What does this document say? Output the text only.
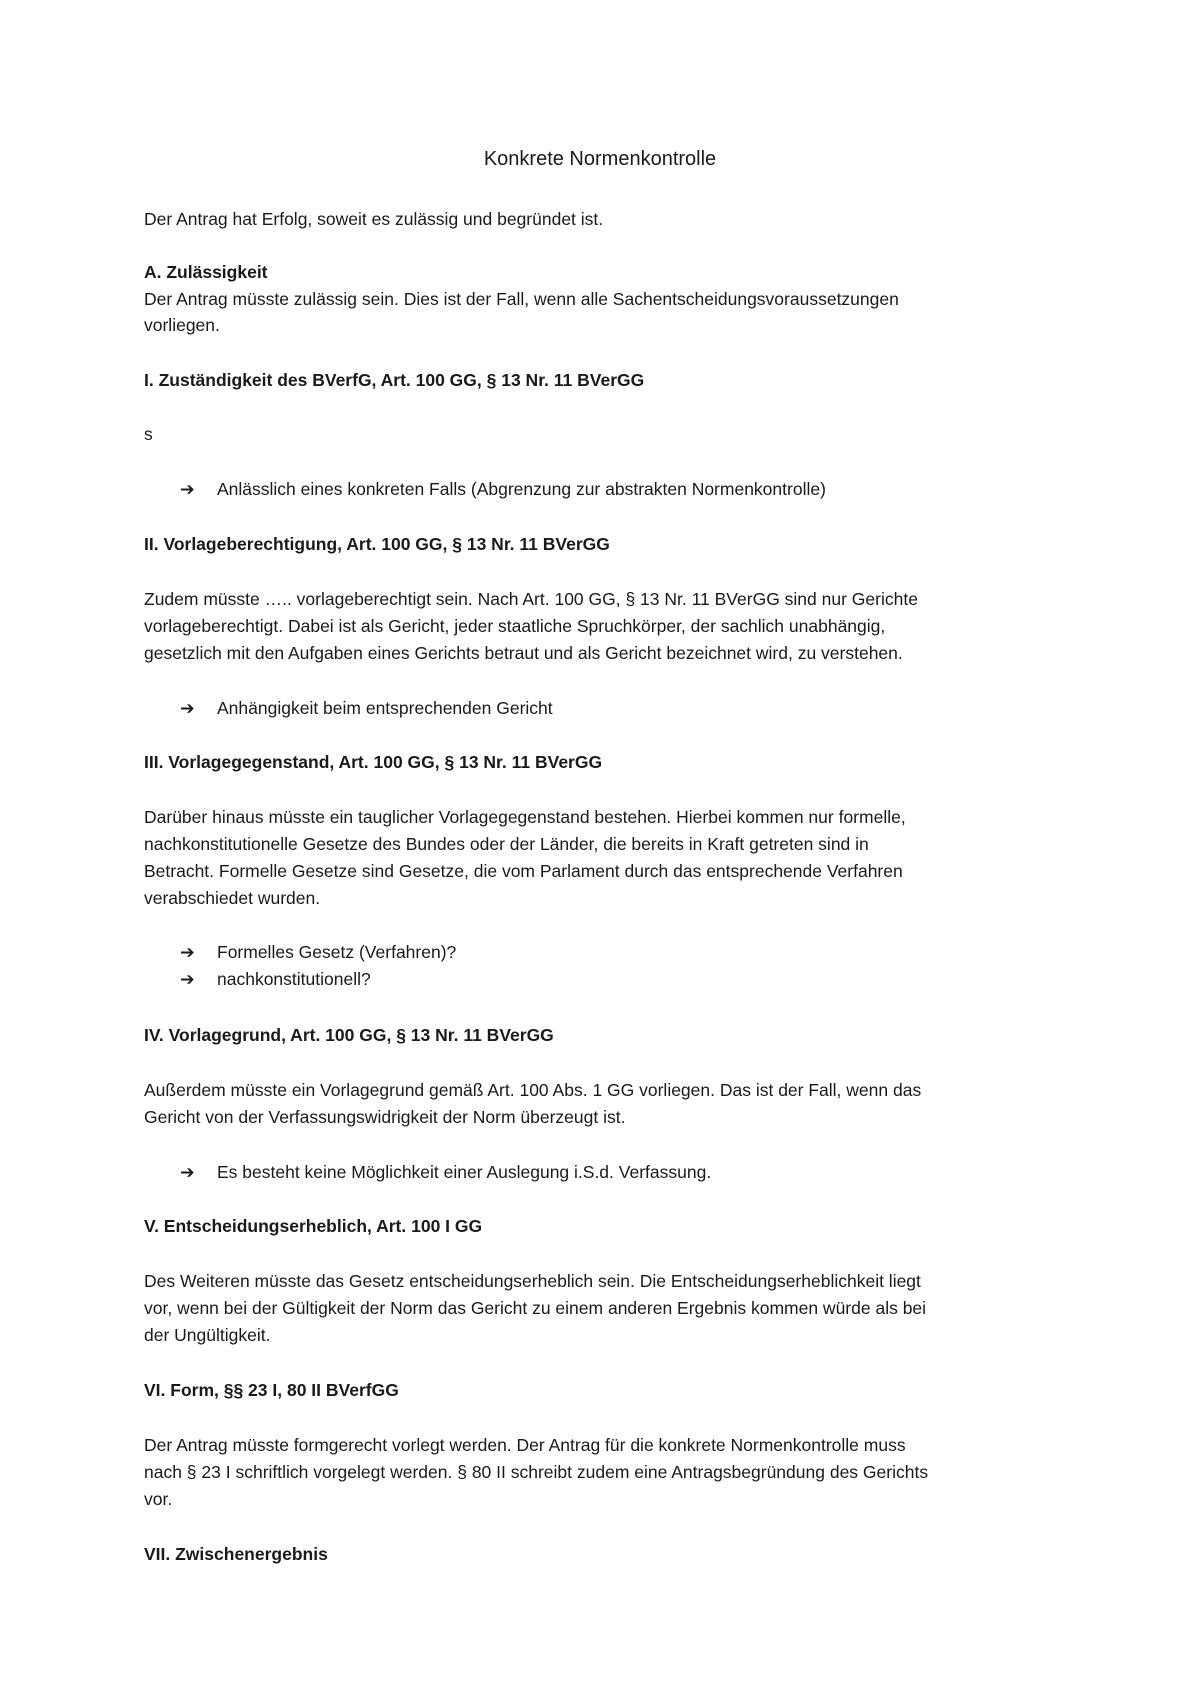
Konkrete Normenkontrolle
Der Antrag hat Erfolg, soweit es zulässig und begründet ist.
A. Zulässigkeit
Der Antrag müsste zulässig sein. Dies ist der Fall, wenn alle Sachentscheidungsvoraussetzungen
vorliegen.
I. Zuständigkeit des BVerfG, Art. 100 GG, § 13 Nr. 11 BVerGG
s
➔ Anlässlich eines konkreten Falls (Abgrenzung zur abstrakten Normenkontrolle)
II. Vorlageberechtigung, Art. 100 GG, § 13 Nr. 11 BVerGG
Zudem müsste ….. vorlageberechtigt sein. Nach Art. 100 GG, § 13 Nr. 11 BVerGG sind nur Gerichte
vorlageberechtigt. Dabei ist als Gericht, jeder staatliche Spruchkörper, der sachlich unabhängig,
gesetzlich mit den Aufgaben eines Gerichts betraut und als Gericht bezeichnet wird, zu verstehen.
➔ Anhängigkeit beim entsprechenden Gericht
III. Vorlagegegenstand, Art. 100 GG, § 13 Nr. 11 BVerGG
Darüber hinaus müsste ein tauglicher Vorlagegegenstand bestehen. Hierbei kommen nur formelle,
nachkonstitutionelle Gesetze des Bundes oder der Länder, die bereits in Kraft getreten sind in
Betracht. Formelle Gesetze sind Gesetze, die vom Parlament durch das entsprechende Verfahren
verabschiedet wurden.
➔ Formelles Gesetz (Verfahren)?
➔ nachkonstitutionell?
IV. Vorlagegrund, Art. 100 GG, § 13 Nr. 11 BVerGG
Außerdem müsste ein Vorlagegrund gemäß Art. 100 Abs. 1 GG vorliegen. Das ist der Fall, wenn das
Gericht von der Verfassungswidrigkeit der Norm überzeugt ist.
➔ Es besteht keine Möglichkeit einer Auslegung i.S.d. Verfassung.
V. Entscheidungserheblich, Art. 100 I GG
Des Weiteren müsste das Gesetz entscheidungserheblich sein. Die Entscheidungserheblichkeit liegt
vor, wenn bei der Gültigkeit der Norm das Gericht zu einem anderen Ergebnis kommen würde als bei
der Ungültigkeit.
VI. Form, §§ 23 I, 80 II BVerfGG
Der Antrag müsste formgerecht vorlegt werden. Der Antrag für die konkrete Normenkontrolle muss
nach § 23 I schriftlich vorgelegt werden. § 80 II schreibt zudem eine Antragsbegründung des Gerichts
vor.
VII. Zwischenergebnis
